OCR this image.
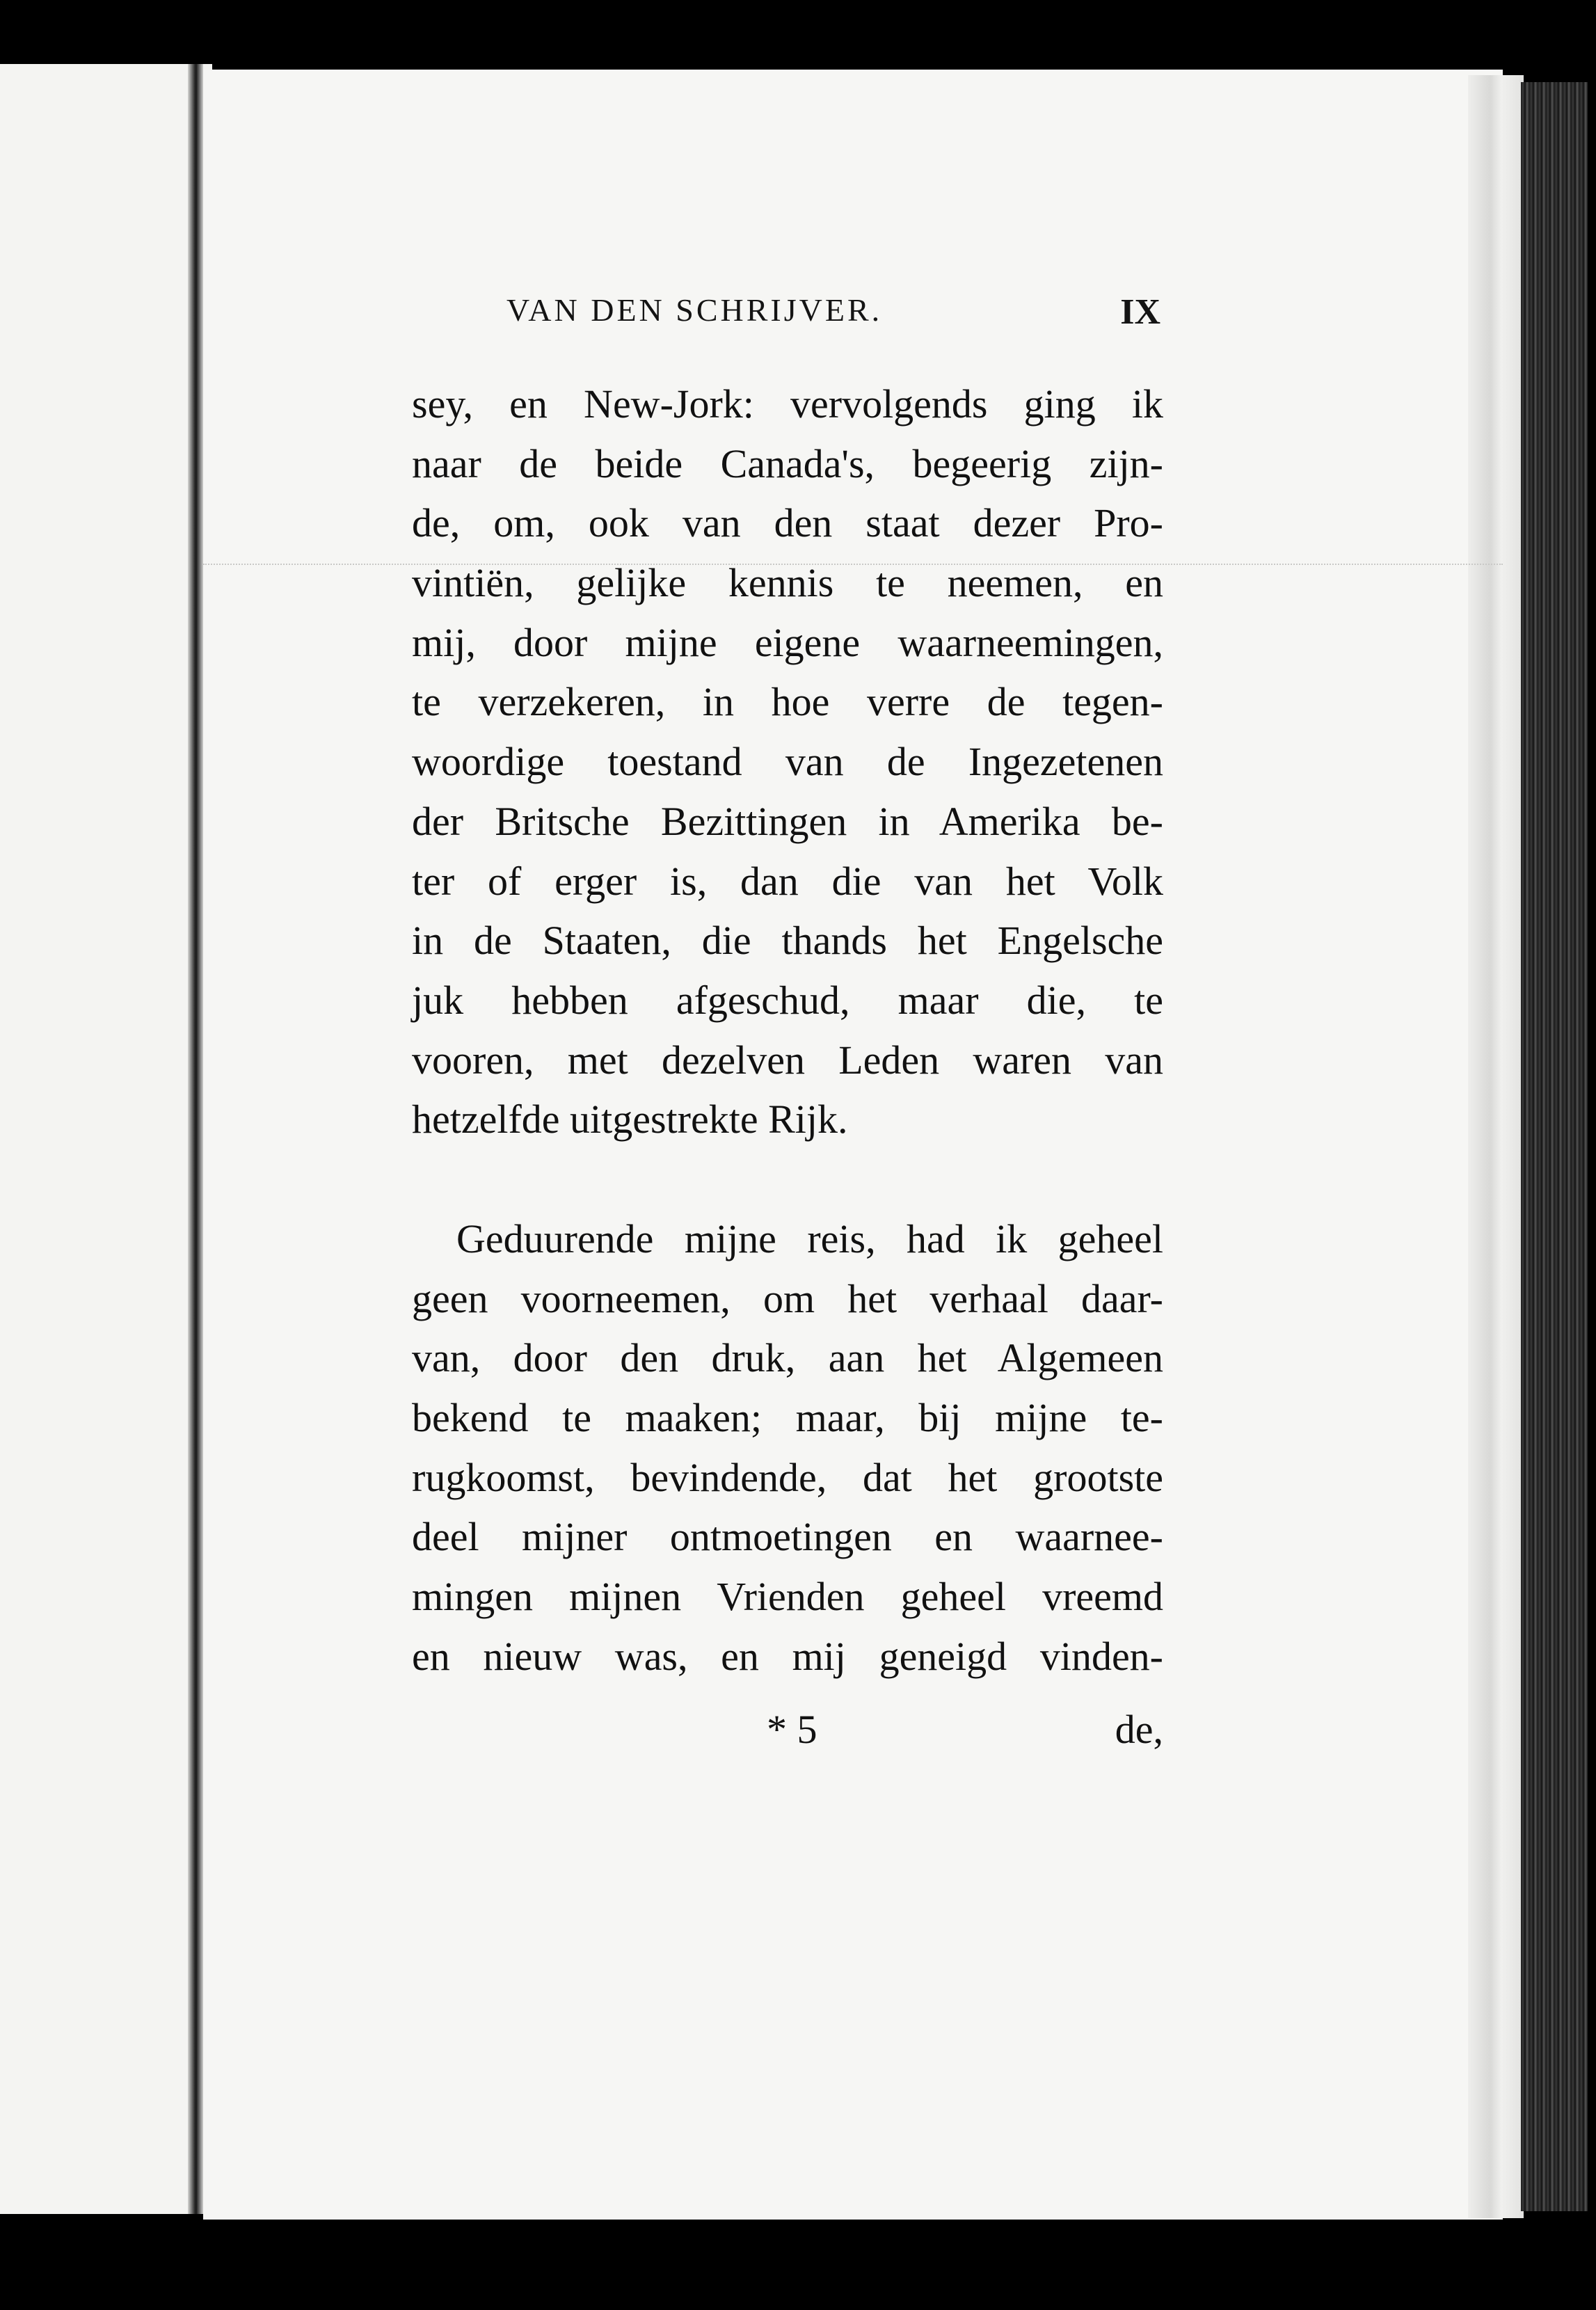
VAN DEN SCHRIJVER.	IX
sey, en New-Jork: vervolgends ging ik
naar de beide Canada's, begeerig zijn-
de, om, ook van den staat dezer Pro-
vintiën, gelijke kennis te neemen, en
mij, door mijne eigene waarneemingen,
te verzekeren, in hoe verre de tegen-
woordige toestand van de Ingezetenen
der Britsche Bezittingen in Amerika be-
ter of erger is, dan die van het Volk
in de Staaten, die thands het Engelsche
juk hebben afgeschud, maar die, te
vooren, met dezelven Leden waren van
hetzelfde uitgestrekte Rijk.
Geduurende mijne reis, had ik geheel
geen voorneemen, om het verhaal daar-
van, door den druk, aan het Algemeen
bekend te maaken; maar, bij mijne te-
rugkoomst, bevindende, dat het grootste
deel mijner ontmoetingen en waarnee-
mingen mijnen Vrienden geheel vreemd
en nieuw was, en mij geneigd vinden-
* 5	de,
